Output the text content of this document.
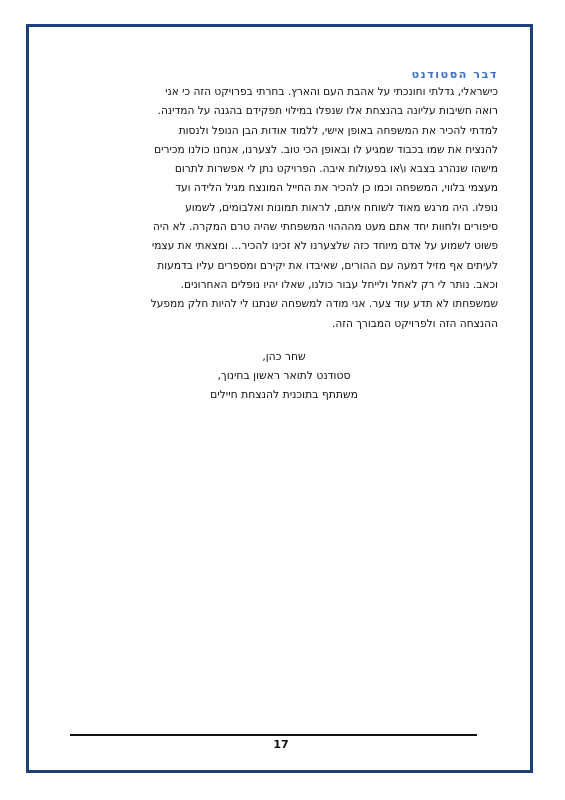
דבר הסטודנט

כישראלי, גדלתי וחונכתי על אהבת העם והארץ. בחרתי בפרויקט הזה כי אני

רואה חשיבות עליונה בהנצחת אלו שנפלו במילוי תפקידם בהגנה על המדינה.

למדתי להכיר את המשפחה באופן אישי, ללמוד אודות הבן הנופל ולנסות

להנציח את שמו בכבוד שמגיע לו ובאופן הכי טוב. לצערנו, אנחנו כולנו מכירים

מישהו שנהרג בצבא ו\או בפעולות איבה. הפרויקט נתן לי אפשרות לתרום

מעצמי בלווי, המשפחה וכמו כן להכיר את החייל המונצח מגיל הלידה ועד

נופלו. היה מרגש מאוד לשוחח איתם, לראות תמונות ואלבומים, לשמוע

סיפורים ולחוות יחד אתם מעט מהההוי המשפחתי שהיה טרם המקרה. לא היה

פשוט לשמוע על אדם מיוחד כזה שלצערנו לא זכינו להכיר... ומצאתי את עצמי

לעיתים אף מזיל דמעה עם ההורים, שאיבדו את יקירם ומספרים עליו בדמעות

וכאב. נותר לי רק לאחל ולייחל עבור כולנו, שאלו יהיו נופלים האחרונים.

שמשפחתו לא תדע עוד צער. אני מודה למשפחה שנתנו לי להיות חלק ממפעל

ההנצחה הזה ולפרויקט המבורך הזה.

שחר כהן,

סטודנט לתואר ראשון בחינוך,

משתתף בתוכנית להנצחת חיילים

17
